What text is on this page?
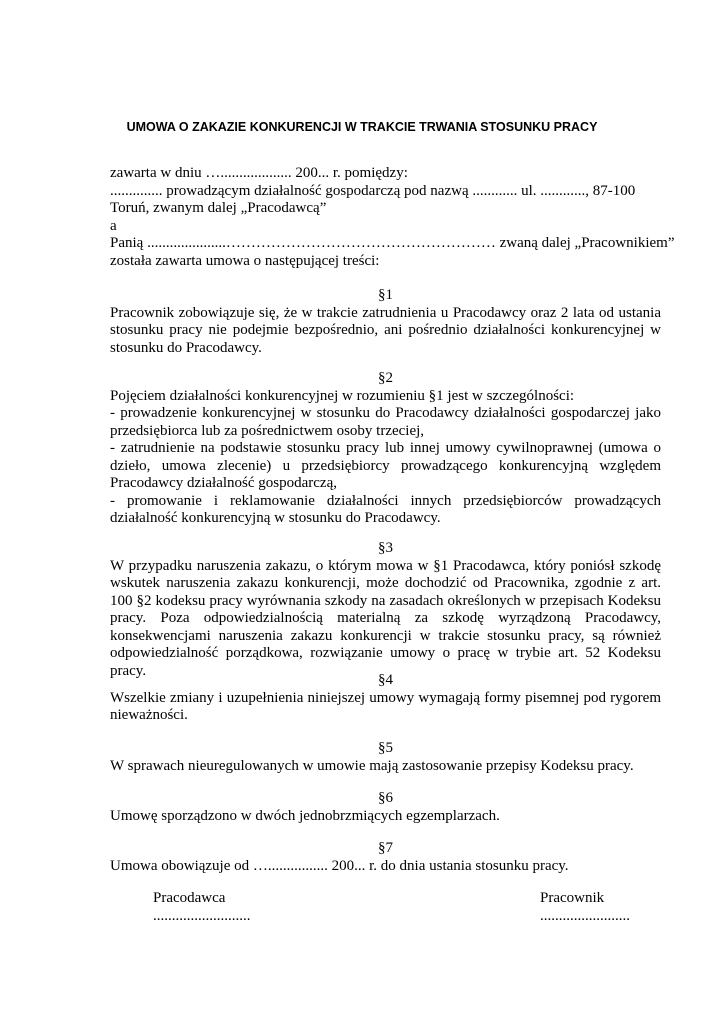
UMOWA O ZAKAZIE KONKURENCJI W TRAKCIE TRWANIA STOSUNKU PRACY
zawarta w dniu …................... 200... r. pomiędzy:
.............. prowadzącym działalność gospodarczą pod nazwą ............ ul. ............, 87-100
Toruń, zwanym dalej „Pracodawcą”
a
Panią .....................……………………………………………… zwaną dalej „Pracownikiem”
została zawarta umowa o następującej treści:
§1
Pracownik zobowiązuje się, że w trakcie zatrudnienia u Pracodawcy oraz 2 lata od ustania stosunku pracy nie podejmie bezpośrednio, ani pośrednio działalności konkurencyjnej w stosunku do Pracodawcy.
§2
Pojęciem działalności konkurencyjnej w rozumieniu §1 jest w szczególności:
- prowadzenie konkurencyjnej w stosunku do Pracodawcy działalności gospodarczej jako przedsiębiorca lub za pośrednictwem osoby trzeciej,
- zatrudnienie na podstawie stosunku pracy lub innej umowy cywilnoprawnej (umowa o dzieło, umowa zlecenie) u przedsiębiorcy prowadzącego konkurencyjną względem Pracodawcy działalność gospodarczą,
- promowanie i reklamowanie działalności innych przedsiębiorców prowadzących działalność konkurencyjną w stosunku do Pracodawcy.
§3
W przypadku naruszenia zakazu, o którym mowa w §1 Pracodawca, który poniósł szkodę wskutek naruszenia zakazu konkurencji, może dochodzić od Pracownika, zgodnie z art. 100 §2 kodeksu pracy wyrównania szkody na zasadach określonych w przepisach Kodeksu pracy. Poza odpowiedzialnością materialną za szkodę wyrządzoną Pracodawcy, konsekwencjami naruszenia zakazu konkurencji w trakcie stosunku pracy, są również odpowiedzialność porządkowa, rozwiązanie umowy o pracę w trybie art. 52 Kodeksu pracy.
§4
Wszelkie zmiany i uzupełnienia niniejszej umowy wymagają formy pisemnej pod rygorem nieważności.
§5
W sprawach nieuregulowanych w umowie mają zastosowanie przepisy Kodeksu pracy.
§6
Umowę sporządzono w dwóch jednobrzmiących egzemplarzach.
§7
Umowa obowiązuje od …................ 200... r. do dnia ustania stosunku pracy.
Pracodawca
..........................
Pracownik
........................
